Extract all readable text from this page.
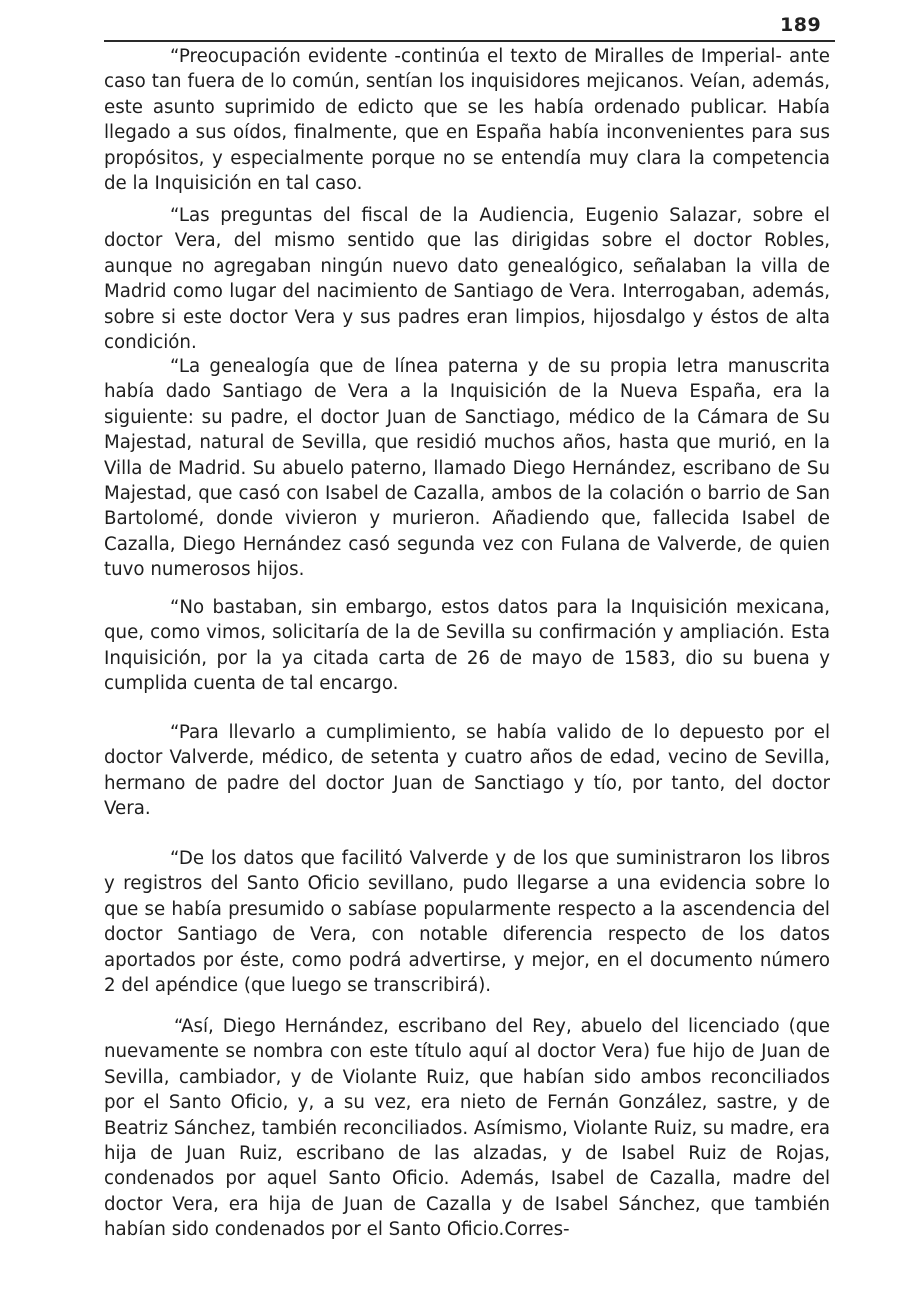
189

“Preocupación evidente -continúa el texto de Miralles de Imperial- ante caso tan fuera de lo común, sentían los inquisidores mejicanos. Veían, además, este asunto suprimido de edicto que se les había ordenado publicar. Había llegado a sus oídos, finalmente, que en España había inconvenientes para sus propósitos, y especialmente porque no se entendía muy clara la competencia de la Inquisición en tal caso.

“Las preguntas del fiscal de la Audiencia, Eugenio Salazar, sobre el doctor Vera, del mismo sentido que las dirigidas sobre el doctor Robles, aunque no agregaban ningún nuevo dato genealógico, señalaban la villa de Madrid como lugar del nacimiento de Santiago de Vera. Interrogaban, además, sobre si este doctor Vera y sus padres eran limpios, hijosdalgo y éstos de alta condición.

“La genealogía que de línea paterna y de su propia letra manuscrita había dado Santiago de Vera a la Inquisición de la Nueva España, era la siguiente: su padre, el doctor Juan de Sanctiago, médico de la Cámara de Su Majestad, natural de Sevilla, que residió muchos años, hasta que murió, en la Villa de Madrid. Su abuelo paterno, llamado Diego Hernández, escribano de Su Majestad, que casó con Isabel de Cazalla, ambos de la colación o barrio de San Bartolomé, donde vivieron y murieron. Añadiendo que, fallecida Isabel de Cazalla, Diego Hernández casó segunda vez con Fulana de Valverde, de quien tuvo numerosos hijos.

“No bastaban, sin embargo, estos datos para la Inquisición mexicana, que, como vimos, solicitaría de la de Sevilla su confirmación y ampliación. Esta Inquisición, por la ya citada carta de 26 de mayo de 1583, dio su buena y cumplida cuenta de tal encargo.

“Para llevarlo a cumplimiento, se había valido de lo depuesto por el doctor Valverde, médico, de setenta y cuatro años de edad, vecino de Sevilla, hermano de padre del doctor Juan de Sanctiago y tío, por tanto, del doctor Vera.

“De los datos que facilitó Valverde y de los que suministraron los libros y registros del Santo Oficio sevillano, pudo llegarse a una evidencia sobre lo que se había presumido o sabíase popularmente respecto a la ascendencia del doctor Santiago de Vera, con notable diferencia respecto de los datos aportados por éste, como podrá advertirse, y mejor, en el documento número 2 del apéndice (que luego se transcribirá).

“Así, Diego Hernández, escribano del Rey, abuelo del licenciado (que nuevamente se nombra con este título aquí al doctor Vera) fue hijo de Juan de Sevilla, cambiador, y de Violante Ruiz, que habían sido ambos reconciliados por el Santo Oficio, y, a su vez, era nieto de Fernán González, sastre, y de Beatriz Sánchez, también reconciliados. Asímismo, Violante Ruiz, su madre, era hija de Juan Ruiz, escribano de las alzadas, y de Isabel Ruiz de Rojas, condenados por aquel Santo Oficio. Además, Isabel de Cazalla, madre del doctor Vera, era hija de Juan de Cazalla y de Isabel Sánchez, que también habían sido condenados por el Santo Oficio.Corres-
